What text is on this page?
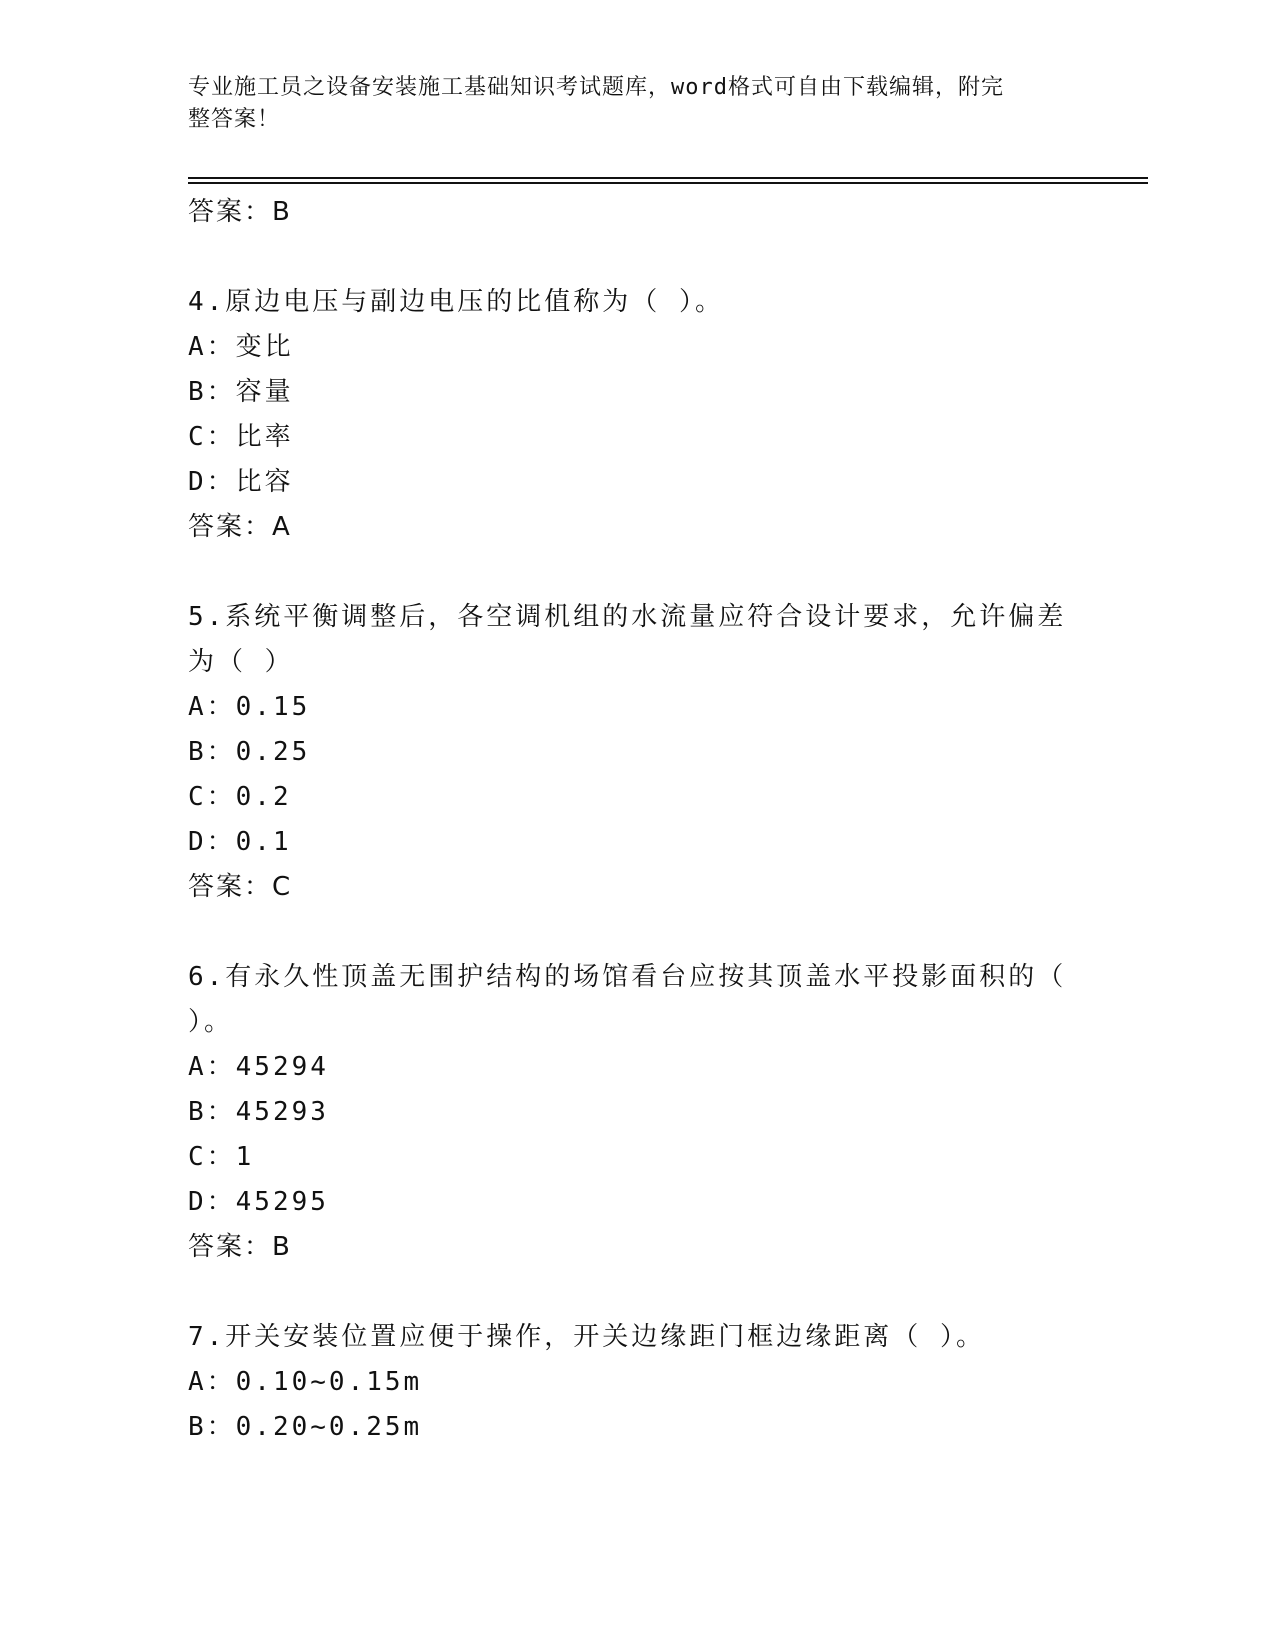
专业施工员之设备安装施工基础知识考试题库，word格式可自由下载编辑，附完
整答案！
答案：B
4.原边电压与副边电压的比值称为（ ）。
A：变比
B：容量
C：比率
D：比容
答案：A
5.系统平衡调整后，各空调机组的水流量应符合设计要求，允许偏差为（ ）
A：0.15
B：0.25
C：0.2
D：0.1
答案：C
6.有永久性顶盖无围护结构的场馆看台应按其顶盖水平投影面积的（ ）。
A：45294
B：45293
C：1
D：45295
答案：B
7.开关安装位置应便于操作，开关边缘距门框边缘距离（ ）。
A：0.10~0.15m
B：0.20~0.25m
